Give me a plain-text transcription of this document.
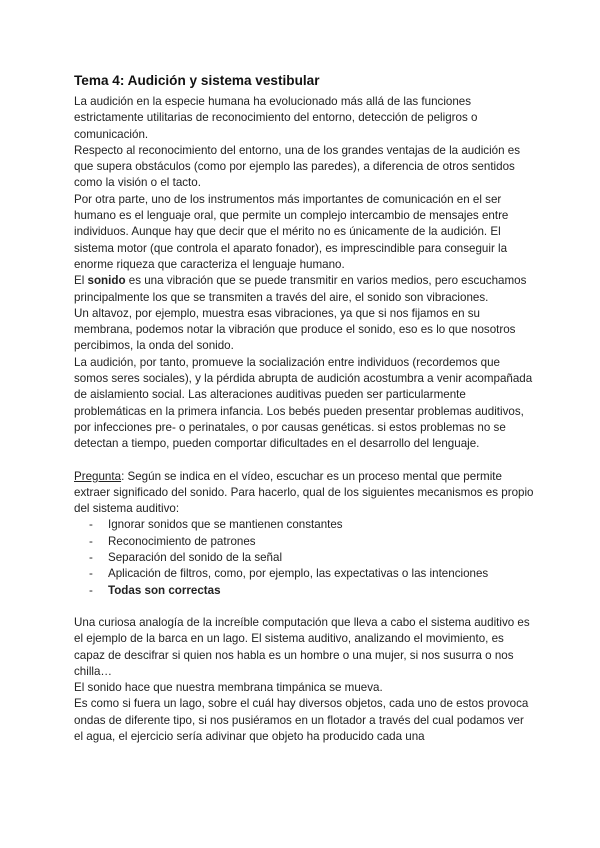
Tema 4: Audición y sistema vestibular

La audición en la especie humana ha evolucionado más allá de las funciones estrictamente utilitarias de reconocimiento del entorno, detección de peligros o comunicación.

Respecto al reconocimiento del entorno, una de los grandes ventajas de la audición es que supera obstáculos (como por ejemplo las paredes), a diferencia de otros sentidos como la visión o el tacto.

Por otra parte, uno de los instrumentos más importantes de comunicación en el ser humano es el lenguaje oral, que permite un complejo intercambio de mensajes entre individuos. Aunque hay que decir que el mérito no es únicamente de la audición. El sistema motor (que controla el aparato fonador), es imprescindible para conseguir la enorme riqueza que caracteriza el lenguaje humano.

El sonido es una vibración que se puede transmitir en varios medios, pero escuchamos principalmente los que se transmiten a través del aire, el sonido son vibraciones.

Un altavoz, por ejemplo, muestra esas vibraciones, ya que si nos fijamos en su membrana, podemos notar la vibración que produce el sonido, eso es lo que nosotros percibimos, la onda del sonido.

La audición, por tanto, promueve la socialización entre individuos (recordemos que somos seres sociales), y la pérdida abrupta de audición acostumbra a venir acompañada de aislamiento social. Las alteraciones auditivas pueden ser particularmente problemáticas en la primera infancia. Los bebés pueden presentar problemas auditivos, por infecciones pre- o perinatales, o por causas genéticas. si estos problemas no se detectan a tiempo, pueden comportar dificultades en el desarrollo del lenguaje.

Pregunta: Según se indica en el vídeo, escuchar es un proceso mental que permite extraer significado del sonido. Para hacerlo, qual de los siguientes mecanismos es propio del sistema auditivo:

- Ignorar sonidos que se mantienen constantes
- Reconocimiento de patrones
- Separación del sonido de la señal
- Aplicación de filtros, como, por ejemplo, las expectativas o las intenciones
- Todas son correctas

Una curiosa analogía de la increíble computación que lleva a cabo el sistema auditivo es el ejemplo de la barca en un lago. El sistema auditivo, analizando el movimiento, es capaz de descifrar si quien nos habla es un hombre o una mujer, si nos susurra o nos chilla…

El sonido hace que nuestra membrana timpánica se mueva.

Es como si fuera un lago, sobre el cuál hay diversos objetos, cada uno de estos provoca ondas de diferente tipo, si nos pusiéramos en un flotador a través del cual podamos ver el agua, el ejercicio sería adivinar que objeto ha producido cada una
